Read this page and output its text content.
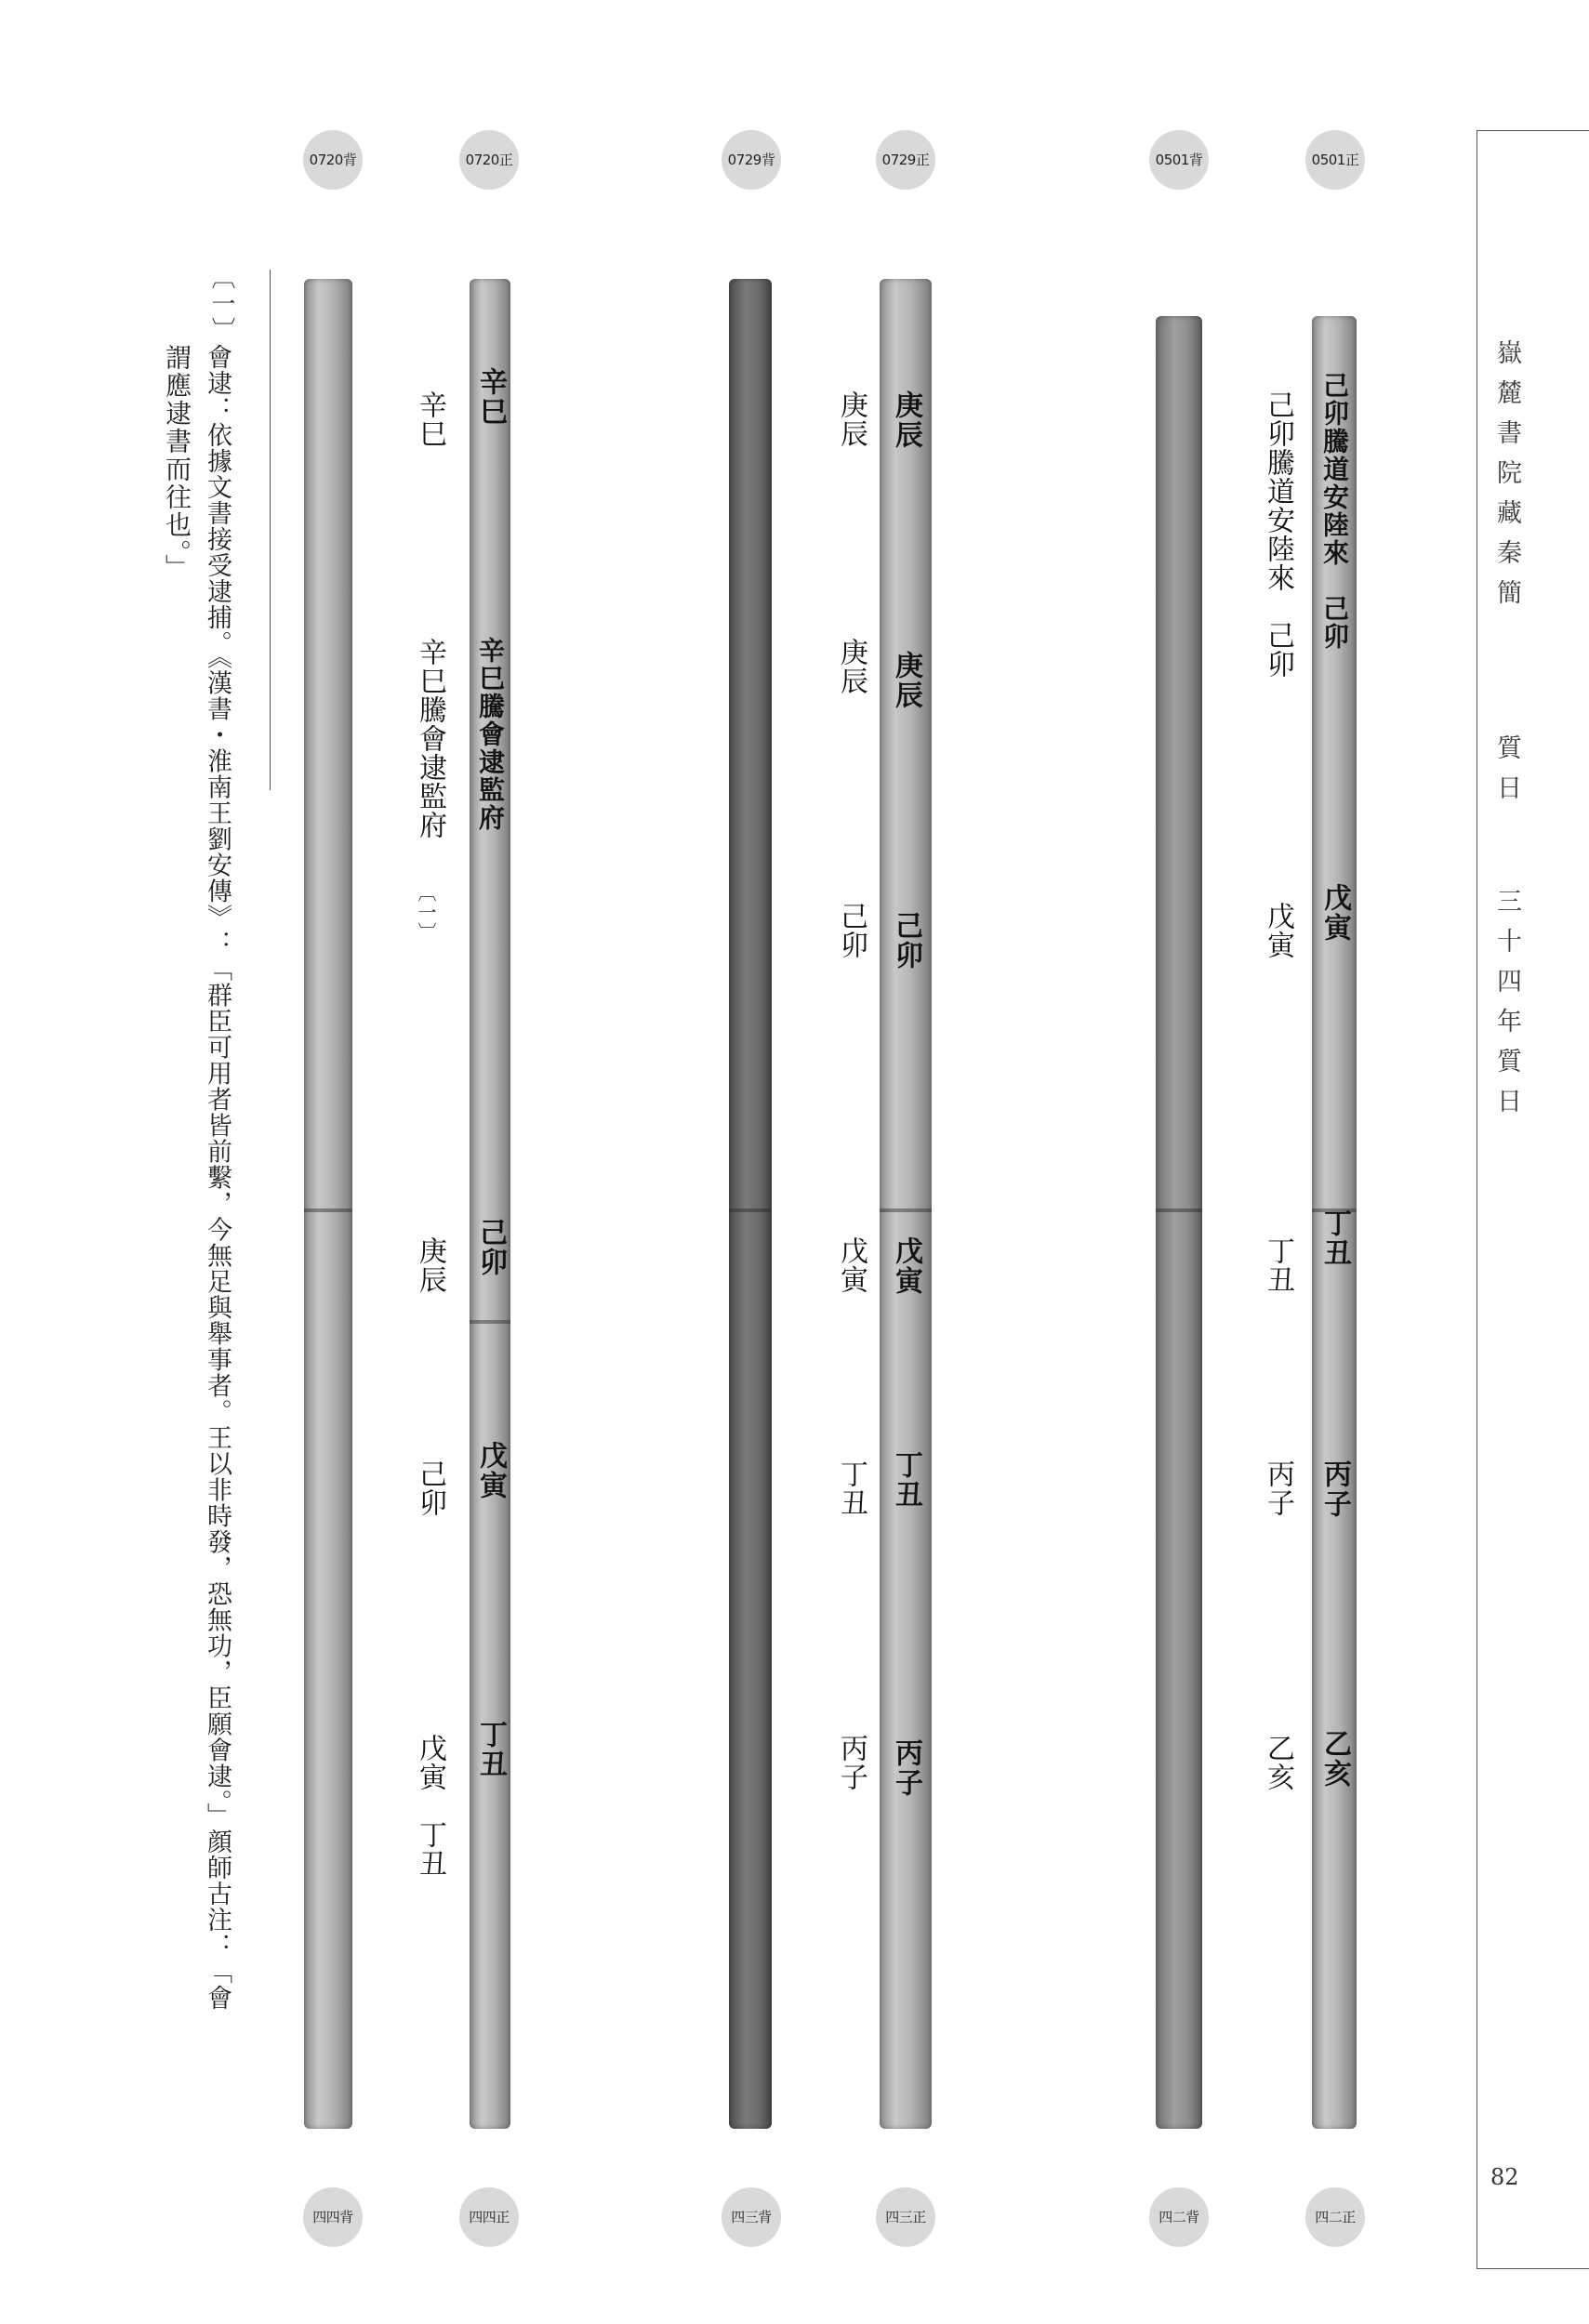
嶽麓書院藏秦簡
質日
三十四年質日
82
0720背	0720正	0729背	0729正	0501背	0501正
四四背	四四正	四三背	四三正	四二背	四二正
辛巳
辛巳騰會逮監府
己卯
戊寅
丁丑
庚辰
庚辰
己卯
戊寅
丁丑
丙子
己卯騰道安陸來　己卯
戊寅
丁丑
丙子
乙亥
辛巳
辛巳騰會逮監府
〔一〕
庚辰
己卯
戊寅　丁丑
庚辰
庚辰
己卯
戊寅
丁丑
丙子
己卯騰道安陸來　己卯
戊寅
丁丑
丙子
乙亥
〔一〕
會逮：依據文書接受逮捕。《漢書・淮南王劉安傳》：「群臣可用者皆前繫，今無足與舉事者。王以非時發，恐無功，臣願會逮。」顔師古注：「會
謂應逮書而往也。」
